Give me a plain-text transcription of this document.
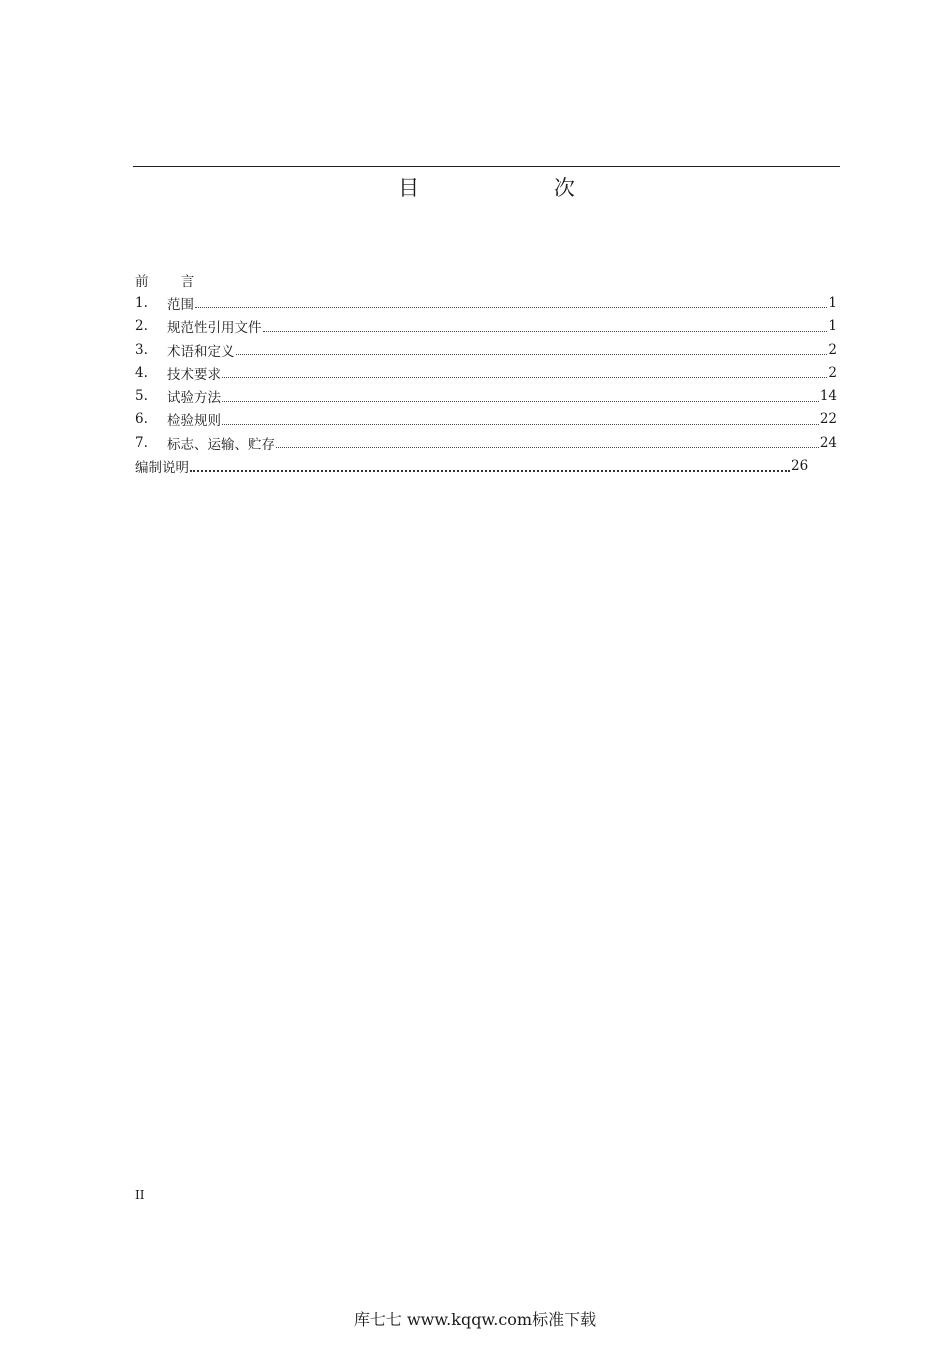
目 次
前 言
1.	范围	1
2.	规范性引用文件	1
3.	术语和定义	2
4.	技术要求	2
5.	试验方法	14
6.	检验规则	22
7.	标志、运输、贮存	24
编制说明	26
II
库七七 www.kqqw.com标准下载
